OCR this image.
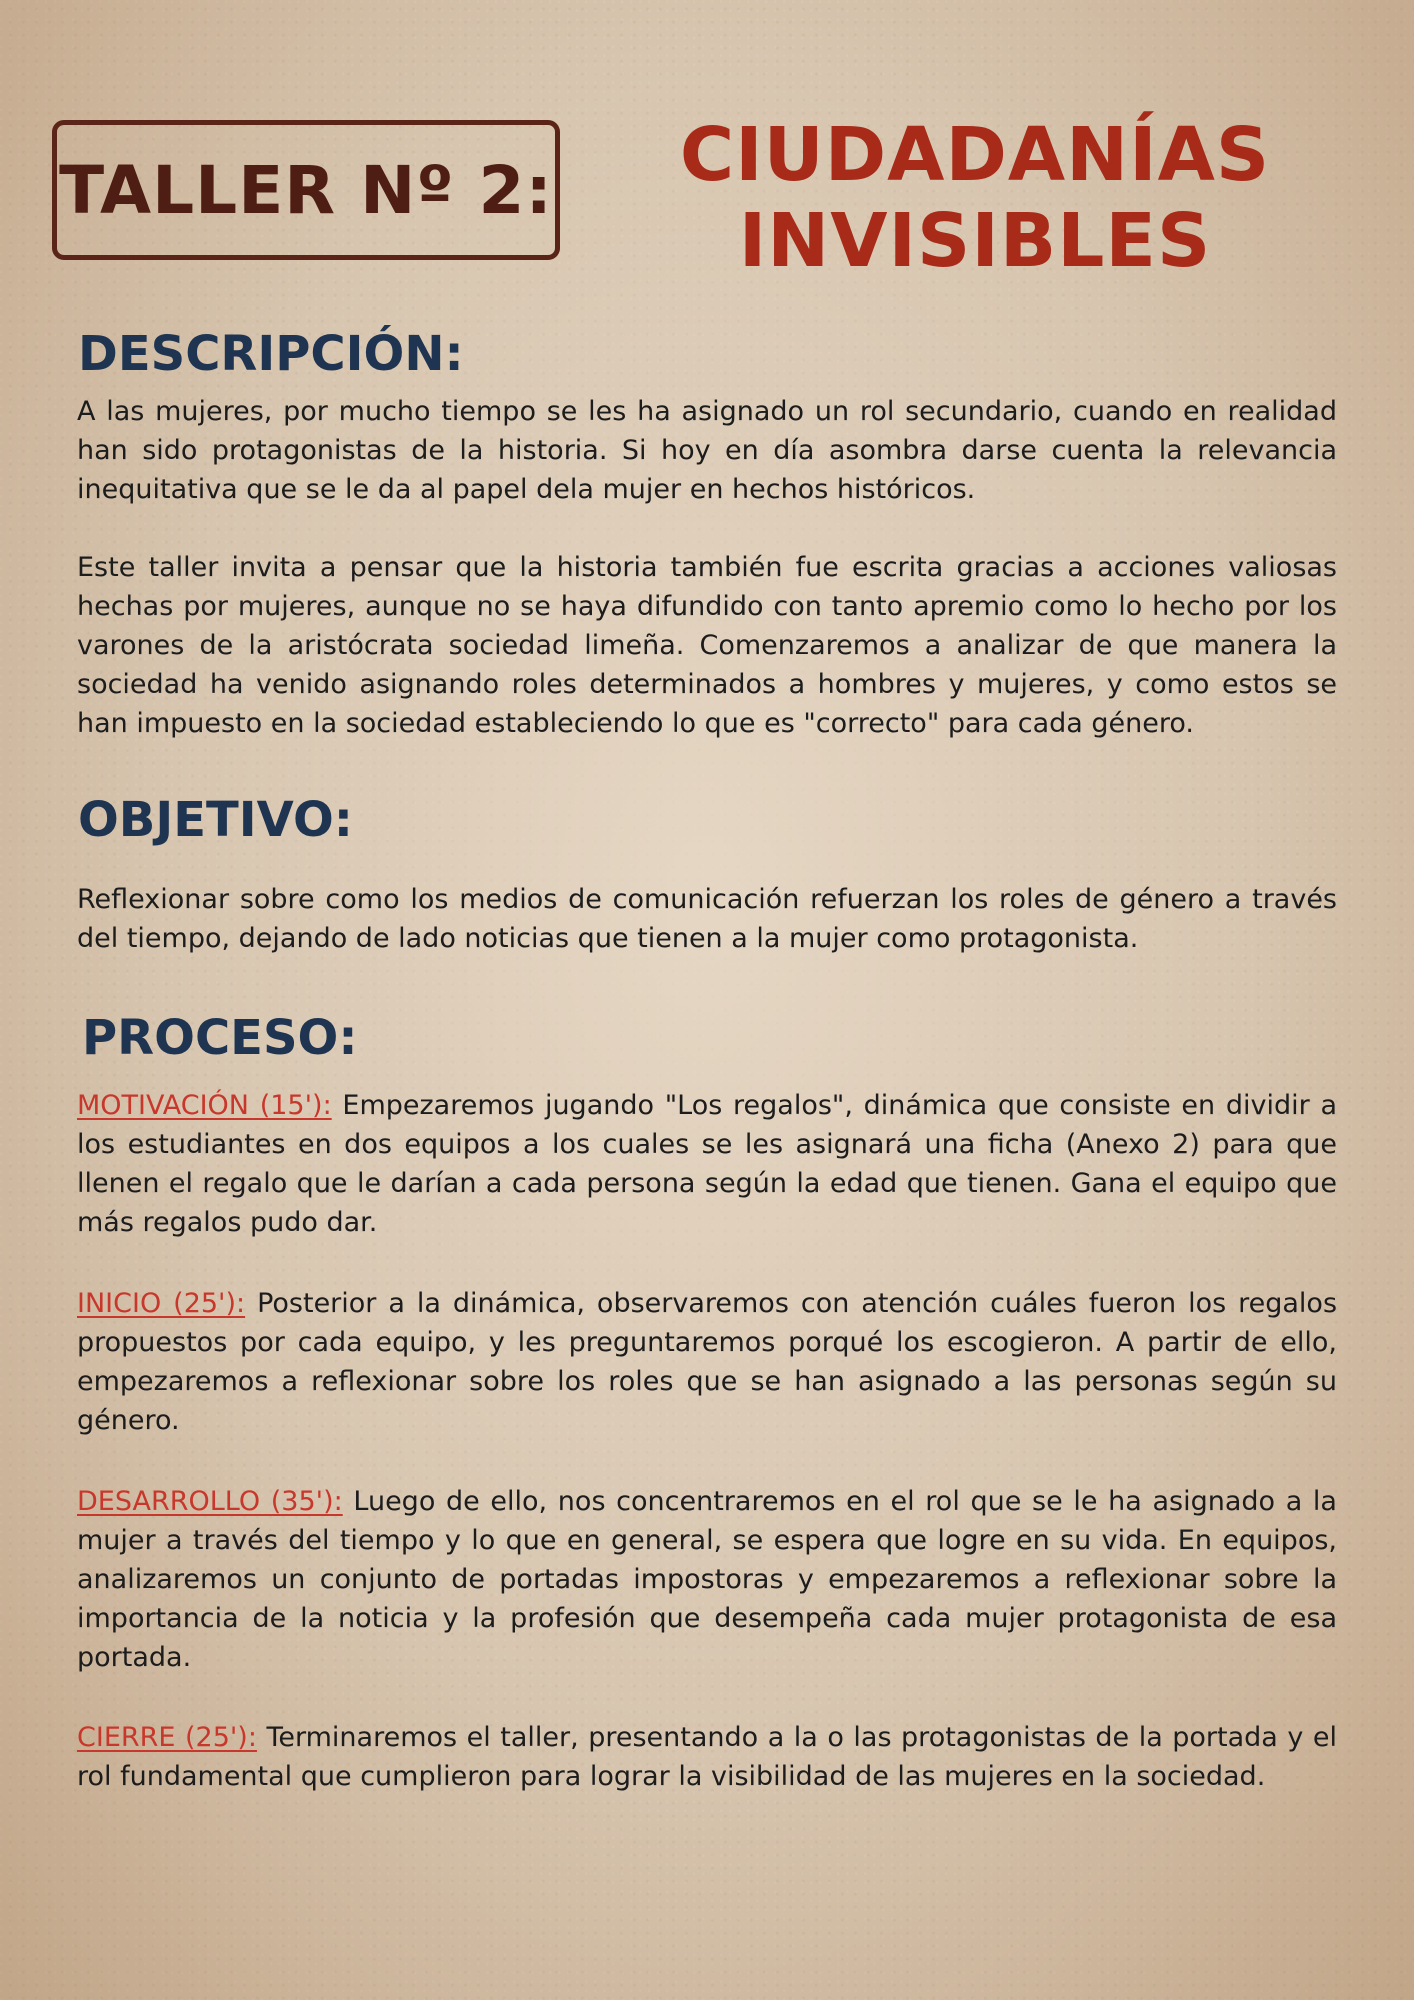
TALLER Nº 2: CIUDADANÍAS
INVISIBLES
DESCRIPCIÓN:

A las mujeres, por mucho tiempo se les ha asignado un rol secundario, cuando en realidad han sido protagonistas de la historia. Si hoy en día asombra darse cuenta la relevancia inequitativa que se le da al papel dela mujer en hechos históricos.

Este taller invita a pensar que la historia también fue escrita gracias a acciones valiosas hechas por mujeres, aunque no se haya difundido con tanto apremio como lo hecho por los varones de la aristócrata sociedad limeña. Comenzaremos a analizar de que manera la sociedad ha venido asignando roles determinados a hombres y mujeres, y como estos se han impuesto en la sociedad estableciendo lo que es "correcto" para cada género.

OBJETIVO:

Reflexionar sobre como los medios de comunicación refuerzan los roles de género a través del tiempo, dejando de lado noticias que tienen a la mujer como protagonista.

PROCESO:

MOTIVACIÓN (15'): Empezaremos jugando "Los regalos", dinámica que consiste en dividir a los estudiantes en dos equipos a los cuales se les asignará una ficha (Anexo 2) para que llenen el regalo que le darían a cada persona según la edad que tienen. Gana el equipo que más regalos pudo dar.

INICIO (25'): Posterior a la dinámica, observaremos con atención cuáles fueron los regalos propuestos por cada equipo, y les preguntaremos porqué los escogieron. A partir de ello, empezaremos a reflexionar sobre los roles que se han asignado a las personas según su género.

DESARROLLO (35'): Luego de ello, nos concentraremos en el rol que se le ha asignado a la mujer a través del tiempo y lo que en general, se espera que logre en su vida. En equipos, analizaremos un conjunto de portadas impostoras y empezaremos a reflexionar sobre la importancia de la noticia y la profesión que desempeña cada mujer protagonista de esa portada.

CIERRE (25'): Terminaremos el taller, presentando a la o las protagonistas de la portada y el rol fundamental que cumplieron para lograr la visibilidad de las mujeres en la sociedad.
